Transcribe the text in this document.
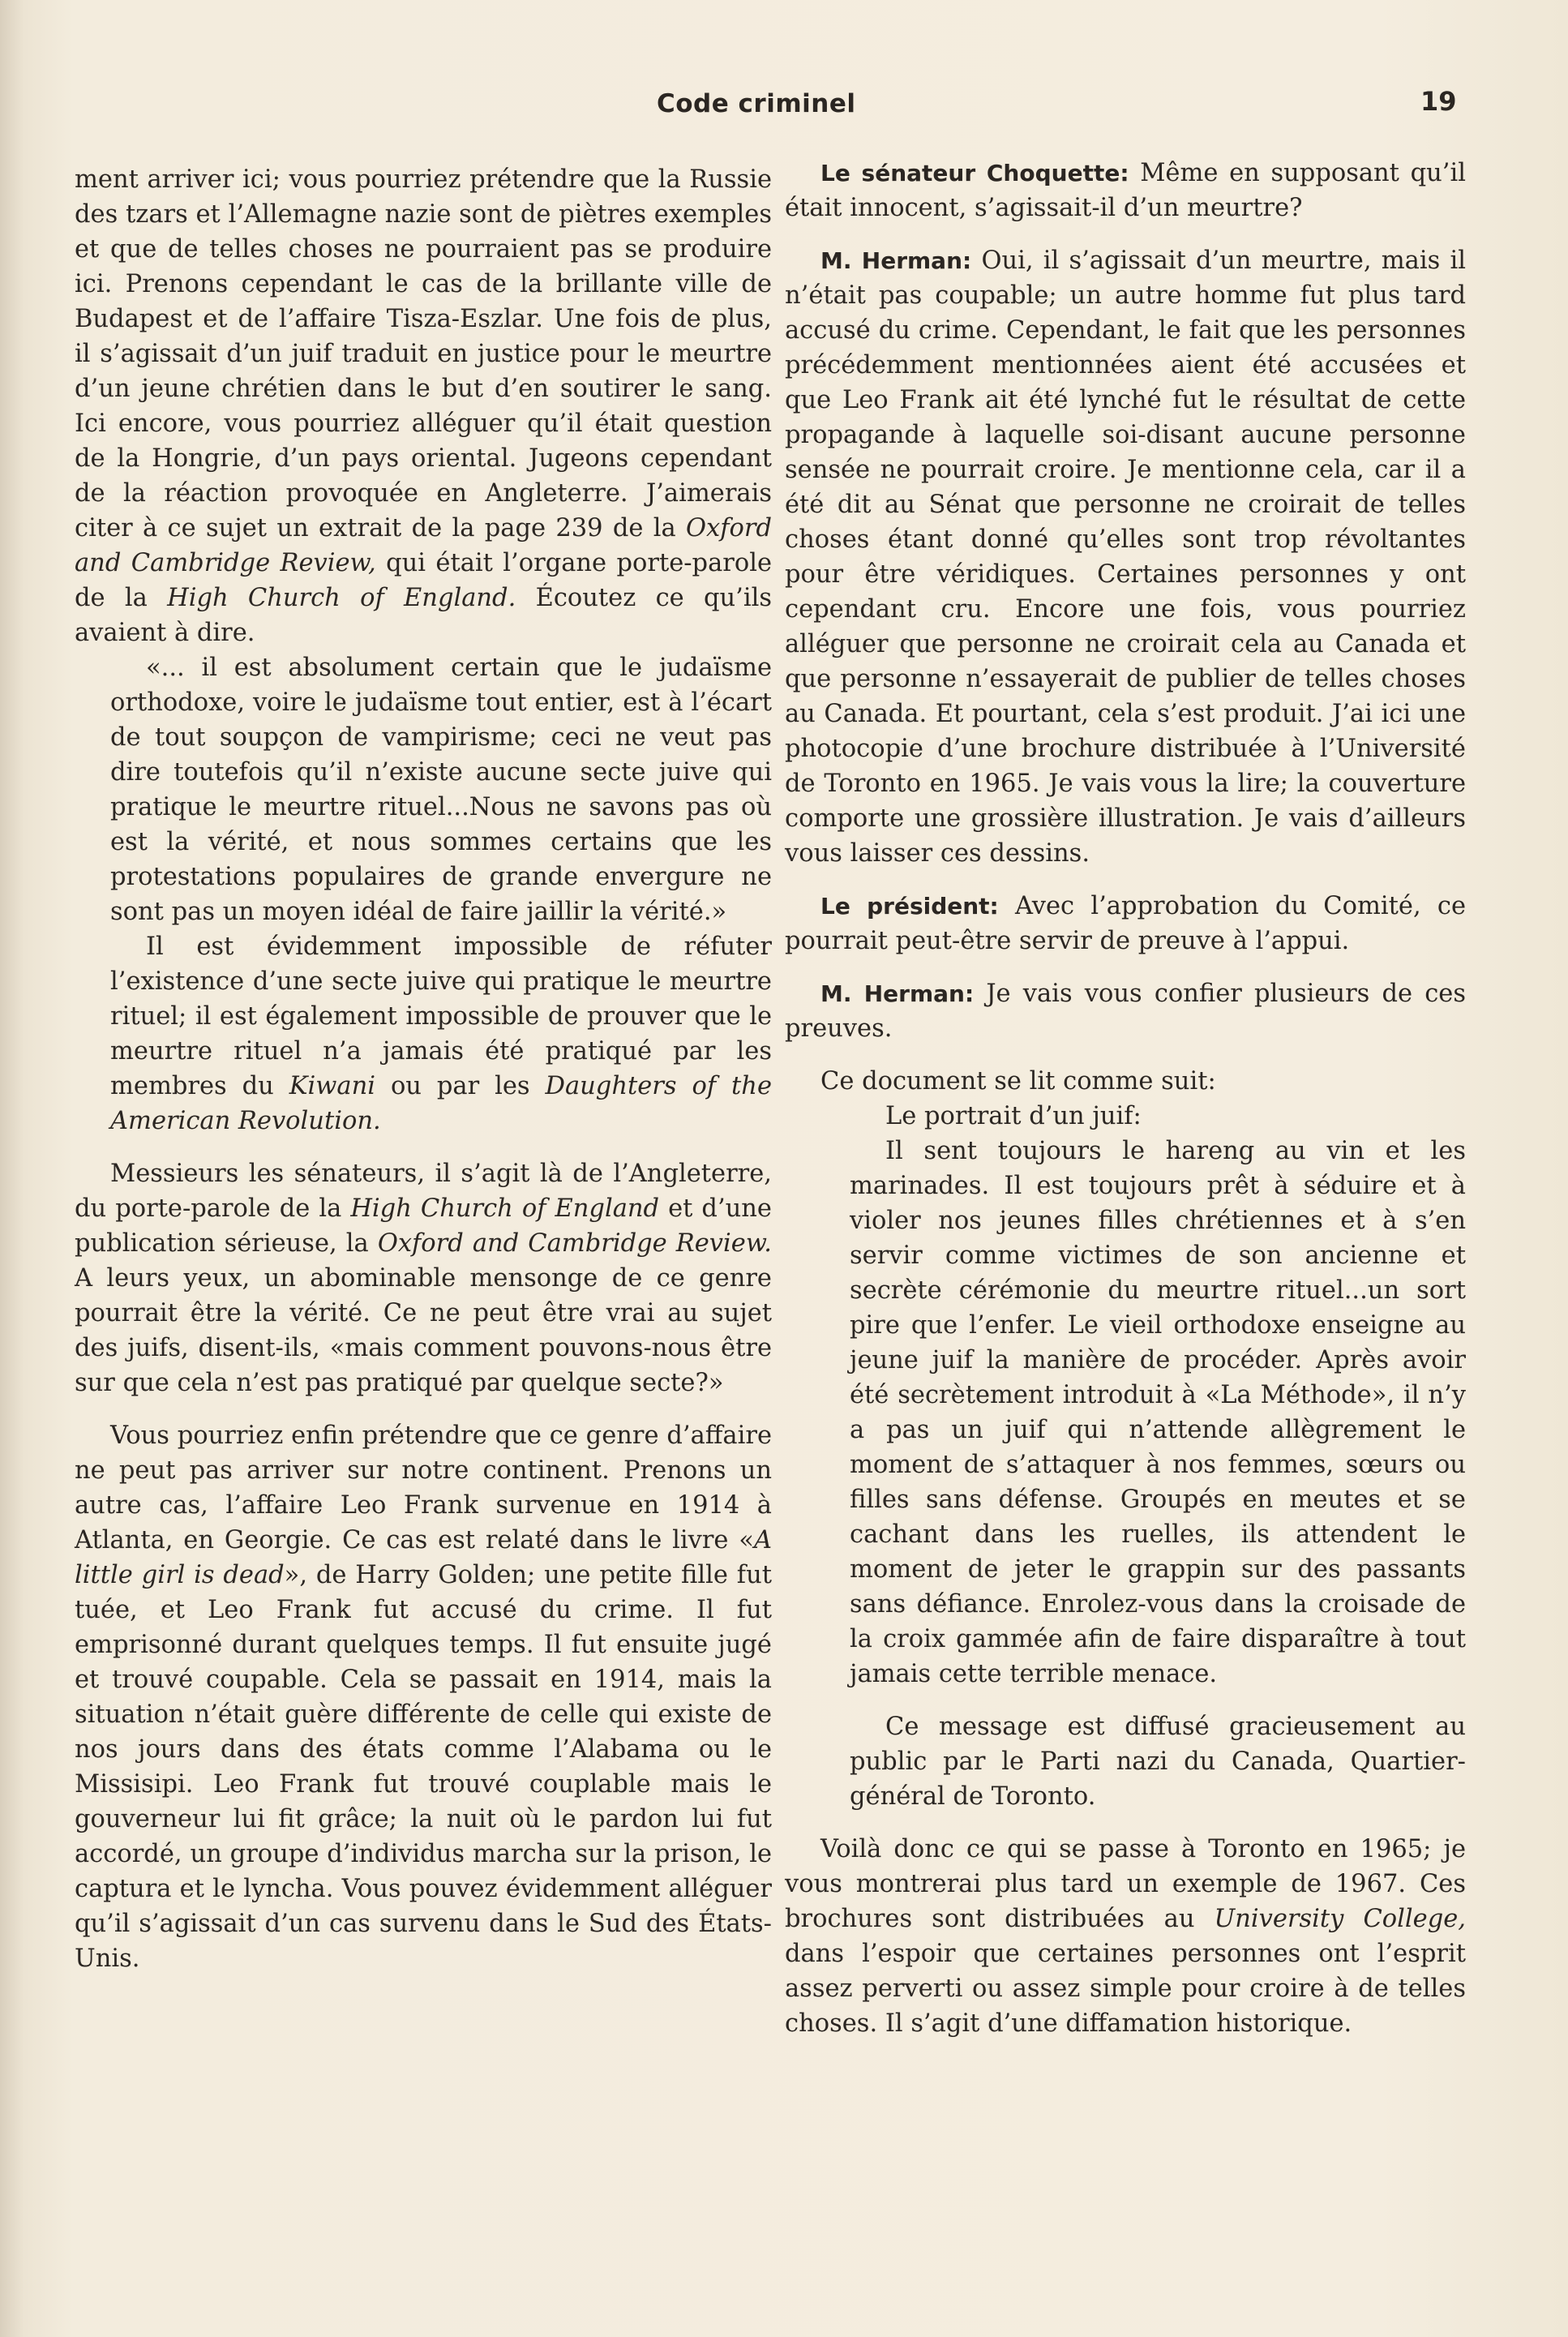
Code criminel	19

ment arriver ici; vous pourriez prétendre que la Russie des tzars et l’Allemagne nazie sont de piètres exemples et que de telles choses ne pourraient pas se produire ici. Prenons cependant le cas de la brillante ville de Budapest et de l’affaire Tisza-Eszlar. Une fois de plus, il s’agissait d’un juif traduit en justice pour le meurtre d’un jeune chrétien dans le but d’en soutirer le sang. Ici encore, vous pourriez alléguer qu’il était question de la Hongrie, d’un pays oriental. Jugeons cependant de la réaction provoquée en Angleterre. J’aimerais citer à ce sujet un extrait de la page 239 de la Oxford and Cambridge Review, qui était l’organe porte-parole de la High Church of England. Écoutez ce qu’ils avaient à dire.

«... il est absolument certain que le judaïsme orthodoxe, voire le judaïsme tout entier, est à l’écart de tout soupçon de vampirisme; ceci ne veut pas dire toutefois qu’il n’existe aucune secte juive qui pratique le meurtre rituel...Nous ne savons pas où est la vérité, et nous sommes certains que les protestations populaires de grande envergure ne sont pas un moyen idéal de faire jaillir la vérité.»

Il est évidemment impossible de réfuter l’existence d’une secte juive qui pratique le meurtre rituel; il est également impossible de prouver que le meurtre rituel n’a jamais été pratiqué par les membres du Kiwani ou par les Daughters of the American Revolution.

Messieurs les sénateurs, il s’agit là de l’Angleterre, du porte-parole de la High Church of England et d’une publication sérieuse, la Oxford and Cambridge Review. A leurs yeux, un abominable mensonge de ce genre pourrait être la vérité. Ce ne peut être vrai au sujet des juifs, disent-ils, «mais comment pouvons-nous être sur que cela n’est pas pratiqué par quelque secte?»

Vous pourriez enfin prétendre que ce genre d’affaire ne peut pas arriver sur notre continent. Prenons un autre cas, l’affaire Leo Frank survenue en 1914 à Atlanta, en Georgie. Ce cas est relaté dans le livre «A little girl is dead», de Harry Golden; une petite fille fut tuée, et Leo Frank fut accusé du crime. Il fut emprisonné durant quelques temps. Il fut ensuite jugé et trouvé coupable. Cela se passait en 1914, mais la situation n’était guère différente de celle qui existe de nos jours dans des états comme l’Alabama ou le Missisipi. Leo Frank fut trouvé couplable mais le gouverneur lui fit grâce; la nuit où le pardon lui fut accordé, un groupe d’individus marcha sur la prison, le captura et le lyncha. Vous pouvez évidemment alléguer qu’il s’agissait d’un cas survenu dans le Sud des États-Unis.

Le sénateur Choquette: Même en supposant qu’il était innocent, s’agissait-il d’un meurtre?

M. Herman: Oui, il s’agissait d’un meurtre, mais il n’était pas coupable; un autre homme fut plus tard accusé du crime. Cependant, le fait que les personnes précédemment mentionnées aient été accusées et que Leo Frank ait été lynché fut le résultat de cette propagande à laquelle soi-disant aucune personne sensée ne pourrait croire. Je mentionne cela, car il a été dit au Sénat que personne ne croirait de telles choses étant donné qu’elles sont trop révoltantes pour être véridiques. Certaines personnes y ont cependant cru. Encore une fois, vous pourriez alléguer que personne ne croirait cela au Canada et que personne n’essayerait de publier de telles choses au Canada. Et pourtant, cela s’est produit. J’ai ici une photocopie d’une brochure distribuée à l’Université de Toronto en 1965. Je vais vous la lire; la couverture comporte une grossière illustration. Je vais d’ailleurs vous laisser ces dessins.

Le président: Avec l’approbation du Comité, ce pourrait peut-être servir de preuve à l’appui.

M. Herman: Je vais vous confier plusieurs de ces preuves.

Ce document se lit comme suit:

Le portrait d’un juif:

Il sent toujours le hareng au vin et les marinades. Il est toujours prêt à séduire et à violer nos jeunes filles chrétiennes et à s’en servir comme victimes de son ancienne et secrète cérémonie du meurtre rituel...un sort pire que l’enfer. Le vieil orthodoxe enseigne au jeune juif la manière de procéder. Après avoir été secrètement introduit à «La Méthode», il n’y a pas un juif qui n’attende allègrement le moment de s’attaquer à nos femmes, sœurs ou filles sans défense. Groupés en meutes et se cachant dans les ruelles, ils attendent le moment de jeter le grappin sur des passants sans défiance. Enrolez-vous dans la croisade de la croix gammée afin de faire disparaître à tout jamais cette terrible menace.

Ce message est diffusé gracieusement au public par le Parti nazi du Canada, Quartier-général de Toronto.

Voilà donc ce qui se passe à Toronto en 1965; je vous montrerai plus tard un exemple de 1967. Ces brochures sont distribuées au University College, dans l’espoir que certaines personnes ont l’esprit assez perverti ou assez simple pour croire à de telles choses. Il s’agit d’une diffamation historique.
